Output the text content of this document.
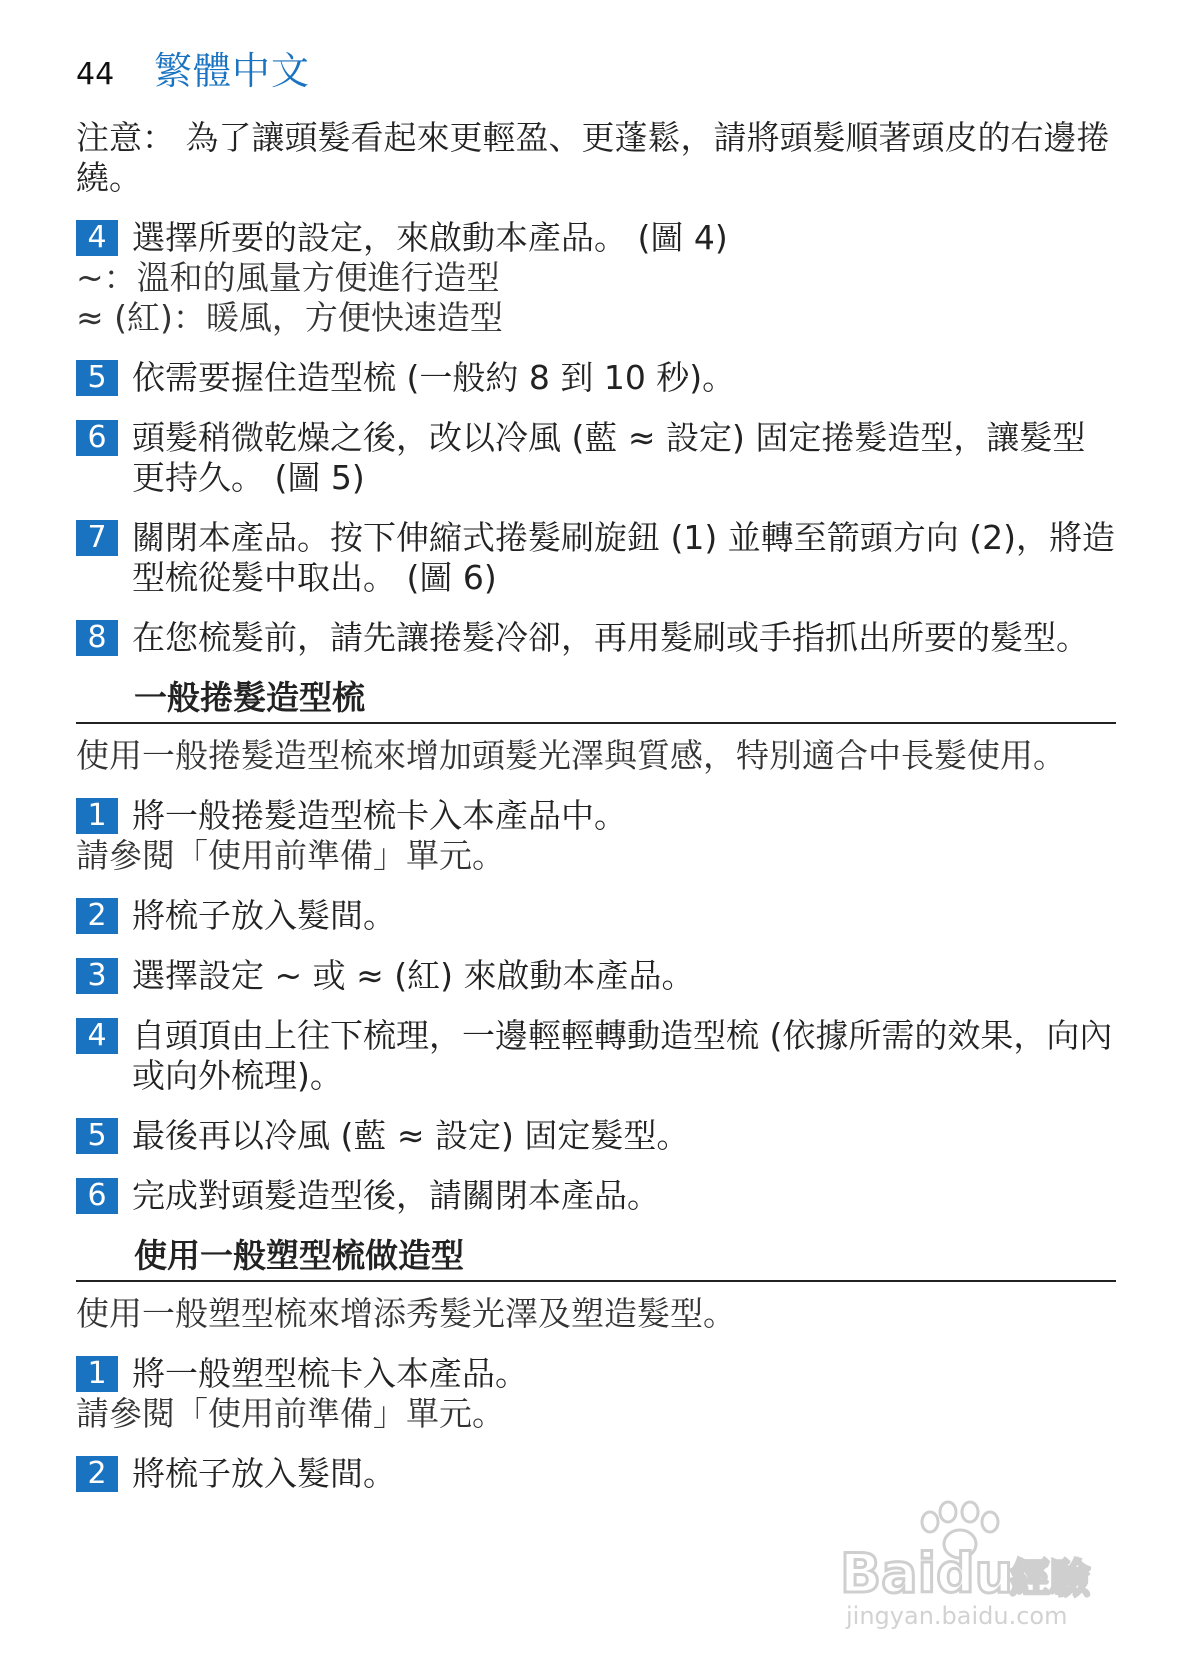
44	繁體中文

注意： 為了讓頭髮看起來更輕盈、更蓬鬆，請將頭髮順著頭皮的右邊捲繞。

4 選擇所要的設定，來啟動本產品。 (圖 4)

~：溫和的風量方便進行造型

≈ (紅)：暖風，方便快速造型

5 依需要握住造型梳 (一般約 8 到 10 秒)。
6 頭髮稍微乾燥之後，改以冷風 (藍 ≈ 設定) 固定捲髮造型，讓髮型更持久。 (圖 5)
7 關閉本產品。按下伸縮式捲髮刷旋鈕 (1) 並轉至箭頭方向 (2)，將造型梳從髮中取出。 (圖 6)
8 在您梳髮前，請先讓捲髮冷卻，再用髮刷或手指抓出所要的髮型。
一般捲髮造型梳

使用一般捲髮造型梳來增加頭髮光澤與質感，特別適合中長髮使用。

1 將一般捲髮造型梳卡入本產品中。

請參閱「使用前準備」單元。

2 將梳子放入髮間。
3 選擇設定 ~ 或 ≈ (紅) 來啟動本產品。
4 自頭頂由上往下梳理，一邊輕輕轉動造型梳 (依據所需的效果，向內或向外梳理)。
5 最後再以冷風 (藍 ≈ 設定) 固定髮型。
6 完成對頭髮造型後，請關閉本產品。
使用一般塑型梳做造型

使用一般塑型梳來增添秀髮光澤及塑造髮型。

1 將一般塑型梳卡入本產品。

請參閱「使用前準備」單元。

2 將梳子放入髮間。
Bai du
經驗
jingyan.baidu.com
